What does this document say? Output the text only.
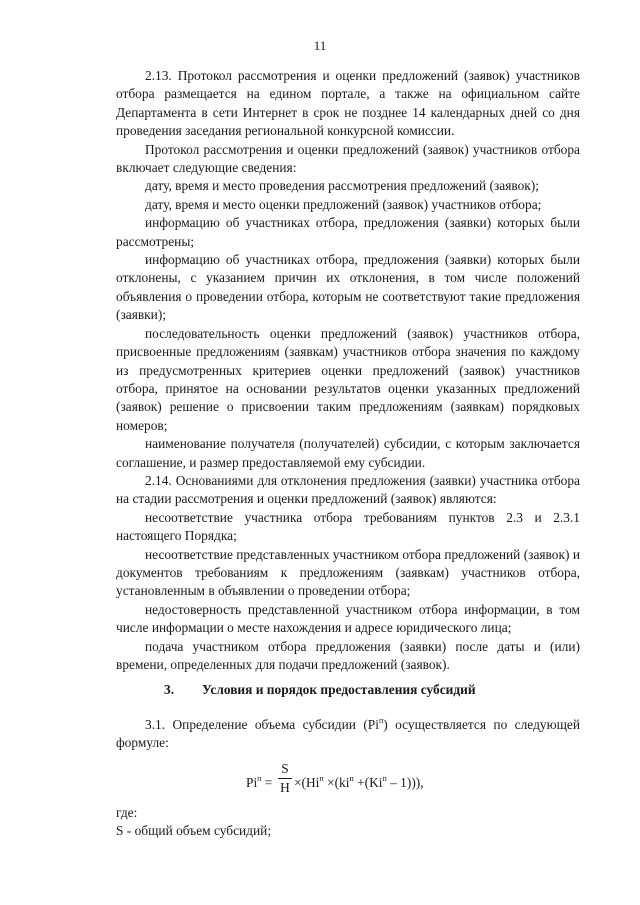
11

2.13. Протокол рассмотрения и оценки предложений (заявок) участников отбора размещается на едином портале, а также на официальном сайте Департамента в сети Интернет в срок не позднее 14 календарных дней со дня проведения заседания региональной конкурсной комиссии.

Протокол рассмотрения и оценки предложений (заявок) участников отбора включает следующие сведения:

дату, время и место проведения рассмотрения предложений (заявок);

дату, время и место оценки предложений (заявок) участников отбора;

информацию об участниках отбора, предложения (заявки) которых были рассмотрены;

информацию об участниках отбора, предложения (заявки) которых были отклонены, с указанием причин их отклонения, в том числе положений объявления о проведении отбора, которым не соответствуют такие предложения (заявки);

последовательность оценки предложений (заявок) участников отбора, присвоенные предложениям (заявкам) участников отбора значения по каждому из предусмотренных критериев оценки предложений (заявок) участников отбора, принятое на основании результатов оценки указанных предложений (заявок) решение о присвоении таким предложениям (заявкам) порядковых номеров;

наименование получателя (получателей) субсидии, с которым заключается соглашение, и размер предоставляемой ему субсидии.

2.14. Основаниями для отклонения предложения (заявки) участника отбора на стадии рассмотрения и оценки предложений (заявок) являются:

несоответствие участника отбора требованиям пунктов 2.3 и 2.3.1 настоящего Порядка;

несоответствие представленных участником отбора предложений (заявок) и документов требованиям к предложениям (заявкам) участников отбора, установленным в объявлении о проведении отбора;

недостоверность представленной участником отбора информации, в том числе информации о месте нахождения и адресе юридического лица;

подача участником отбора предложения (заявки) после даты и (или) времени, определенных для подачи предложений (заявок).

3. Условия и порядок предоставления субсидий

3.1. Определение объема субсидии $(Pi^п)$ осуществляется по следующей формуле:

$Pi^п$ =
S
$Н \times(Hi^п \times(ki^п +(Ki^п - 1)))$,

где:

S - общий объем субсидий;
